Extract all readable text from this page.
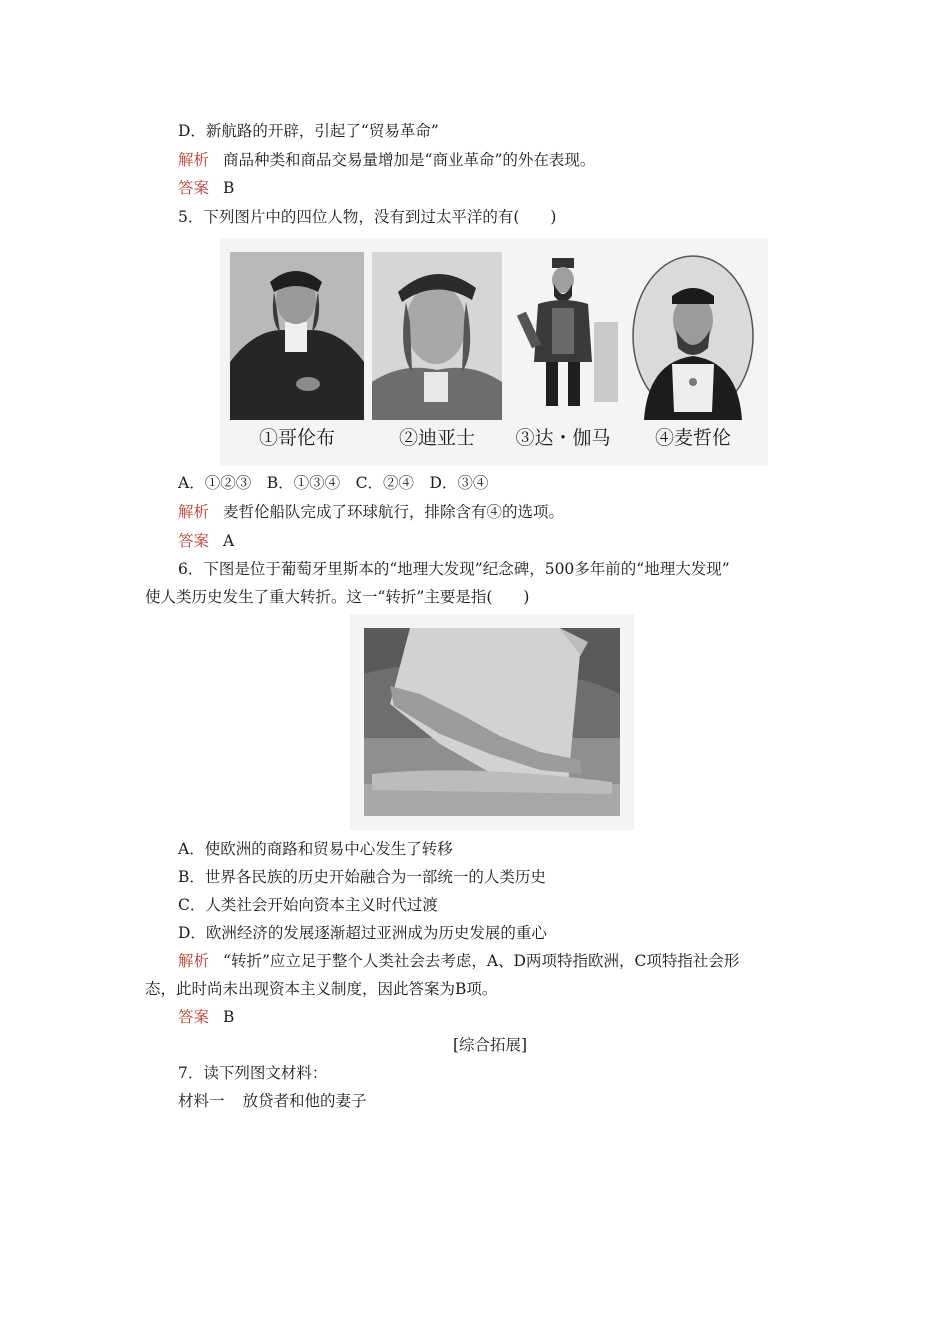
D．新航路的开辟，引起了“贸易革命”
解析 商品种类和商品交易量增加是“商业革命”的外在表现。
答案 B
5．下列图片中的四位人物，没有到过太平洋的有(　　)
①哥伦布	②迪亚士	③达・伽马	④麦哲伦
A．①②③　B．①③④　C．②④　D．③④
解析 麦哲伦船队完成了环球航行，排除含有④的选项。
答案 A
6．下图是位于葡萄牙里斯本的“地理大发现”纪念碑，500多年前的“地理大发现”
使人类历史发生了重大转折。这一“转折”主要是指(　　)
A．使欧洲的商路和贸易中心发生了转移
B．世界各民族的历史开始融合为一部统一的人类历史
C．人类社会开始向资本主义时代过渡
D．欧洲经济的发展逐渐超过亚洲成为历史发展的重心
解析 “转折”应立足于整个人类社会去考虑，A、D两项特指欧洲，C项特指社会形
态，此时尚未出现资本主义制度，因此答案为B项。
答案 B
[综合拓展]
7．读下列图文材料：
材料一 放贷者和他的妻子
